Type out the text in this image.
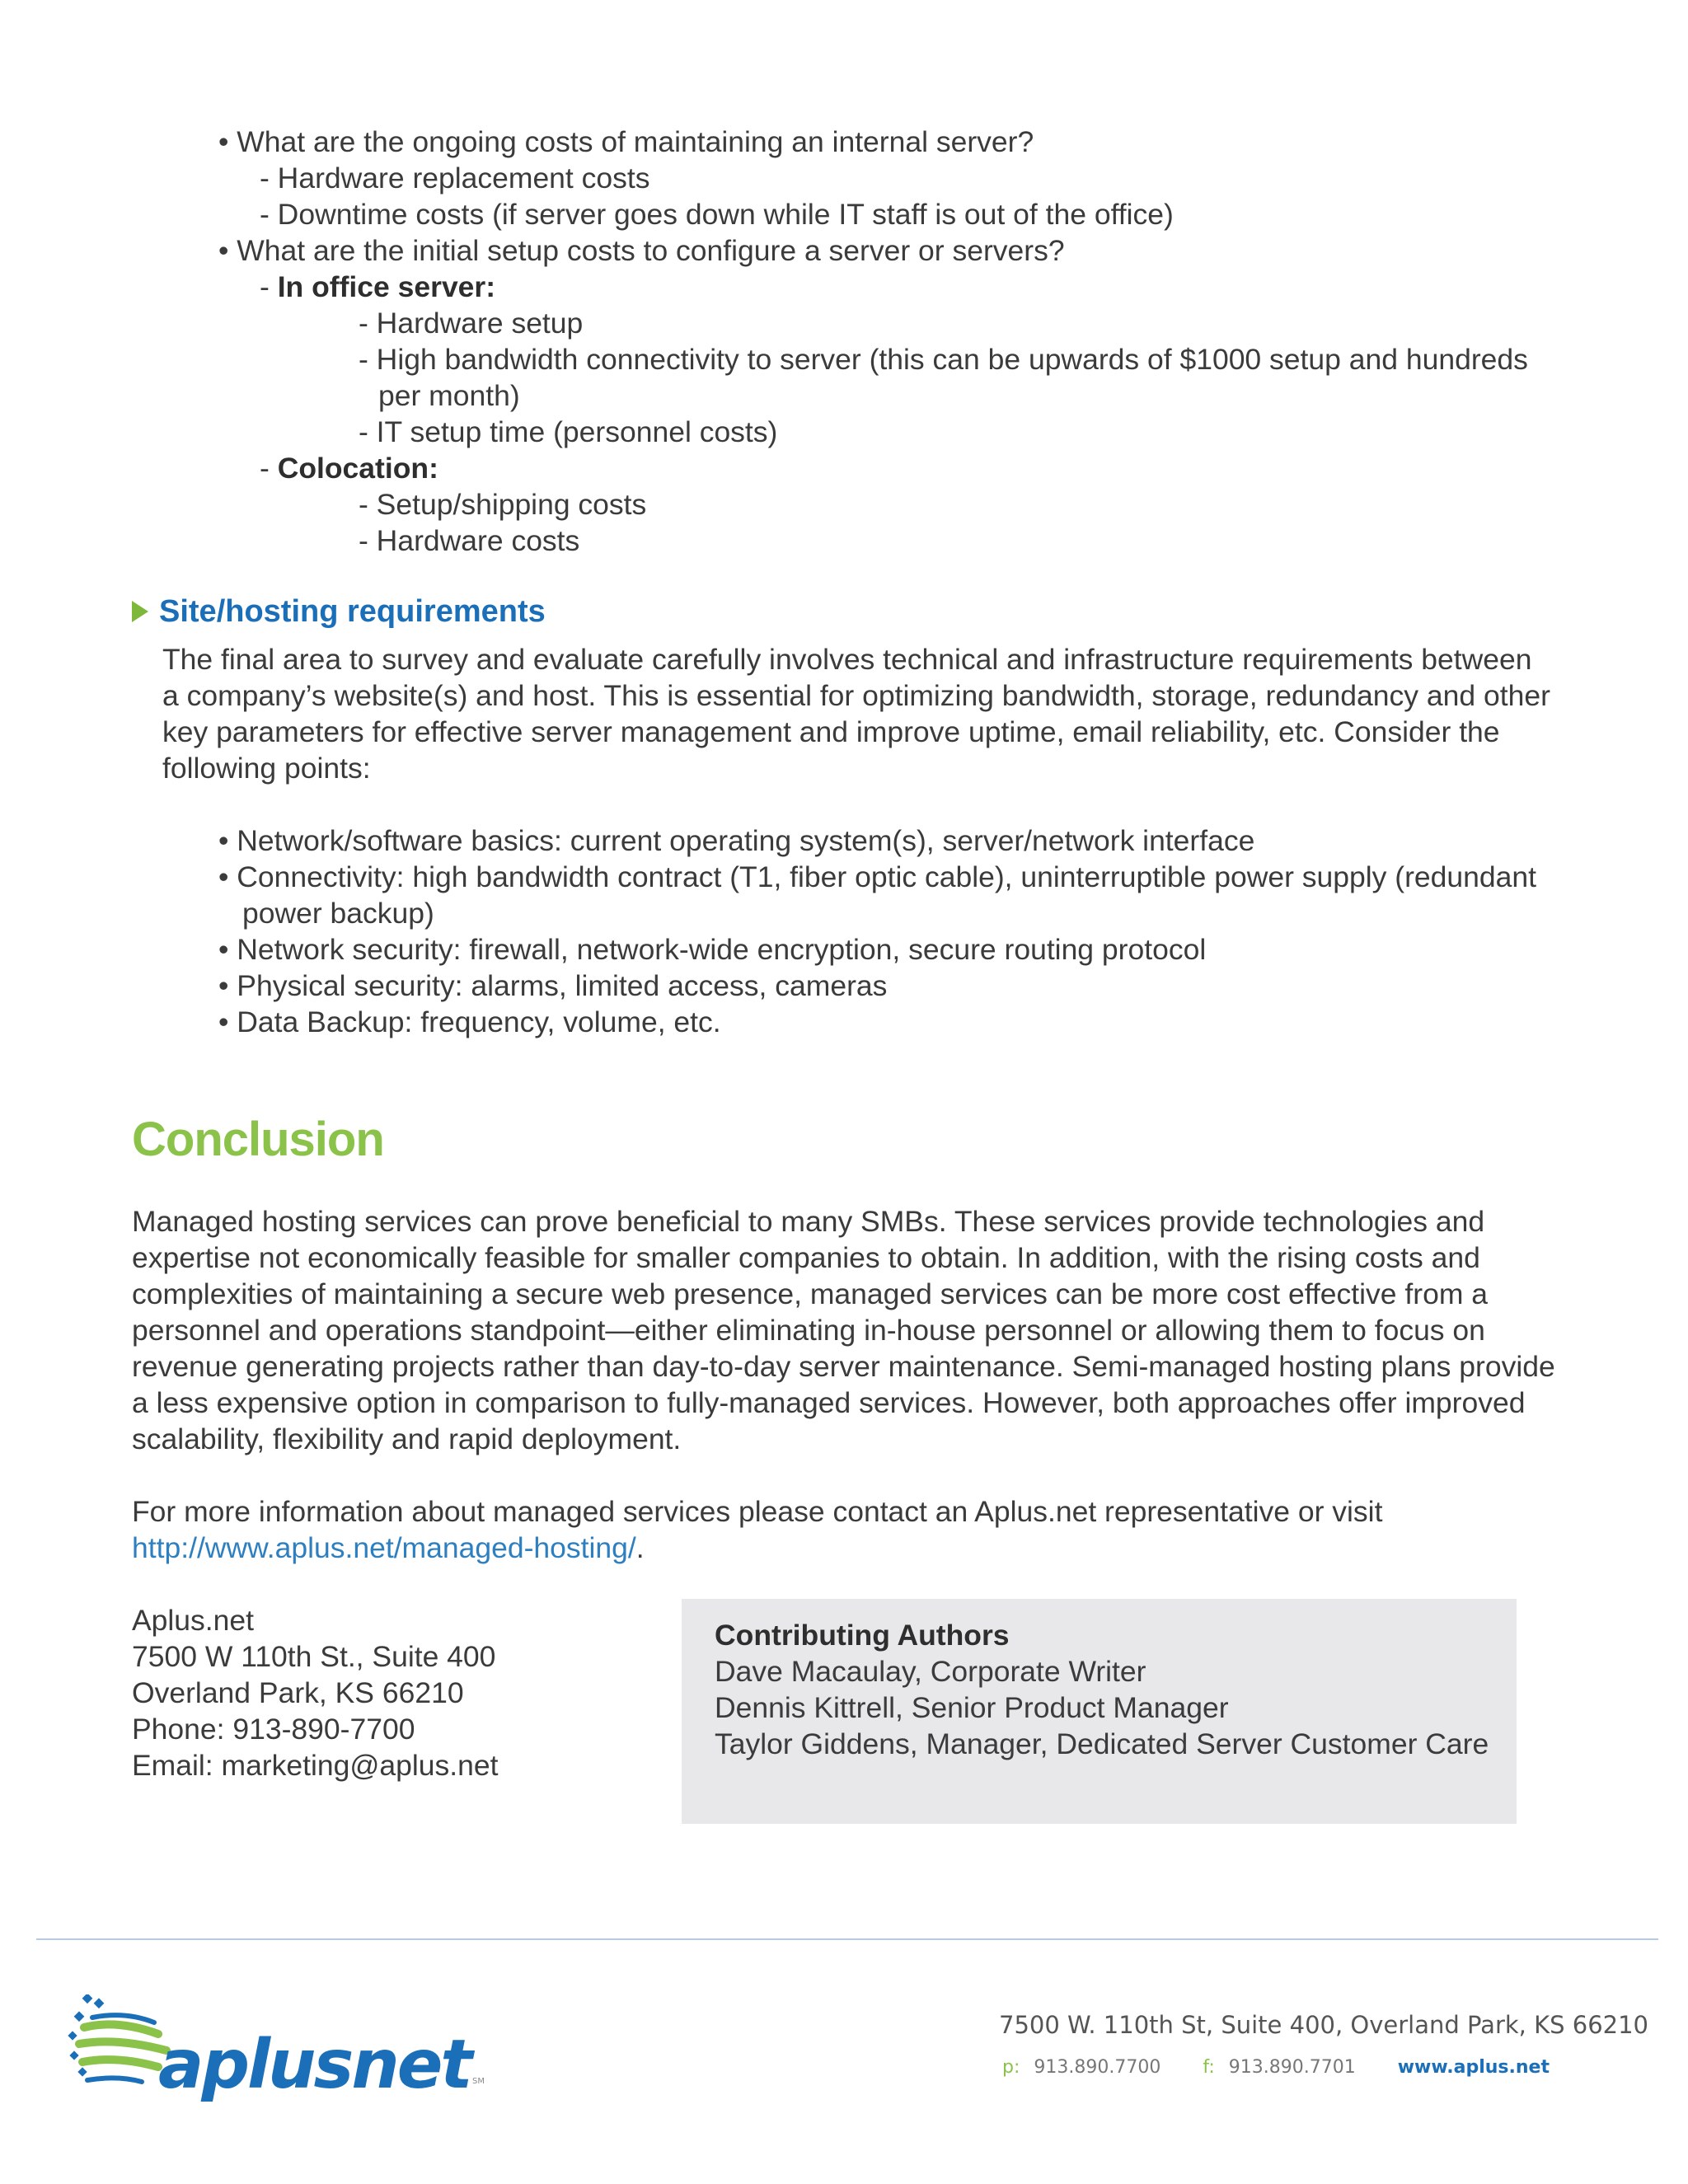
• What are the ongoing costs of maintaining an internal server?
- Hardware replacement costs
- Downtime costs (if server goes down while IT staff is out of the office)
• What are the initial setup costs to configure a server or servers?
- In office server:
- Hardware setup
- High bandwidth connectivity to server (this can be upwards of $1000 setup and hundreds
per month)
- IT setup time (personnel costs)
- Colocation:
- Setup/shipping costs
- Hardware costs
Site/hosting requirements
The final area to survey and evaluate carefully involves technical and infrastructure requirements between
a company’s website(s) and host. This is essential for optimizing bandwidth, storage, redundancy and other
key parameters for effective server management and improve uptime, email reliability, etc. Consider the
following points:
• Network/software basics: current operating system(s), server/network interface
• Connectivity: high bandwidth contract (T1, fiber optic cable), uninterruptible power supply (redundant
power backup)
• Network security: firewall, network-wide encryption, secure routing protocol
• Physical security: alarms, limited access, cameras
• Data Backup: frequency, volume, etc.
Conclusion
Managed hosting services can prove beneficial to many SMBs. These services provide technologies and
expertise not economically feasible for smaller companies to obtain. In addition, with the rising costs and
complexities of maintaining a secure web presence, managed services can be more cost effective from a
personnel and operations standpoint—either eliminating in-house personnel or allowing them to focus on
revenue generating projects rather than day-to-day server maintenance. Semi-managed hosting plans provide
a less expensive option in comparison to fully-managed services. However, both approaches offer improved
scalability, flexibility and rapid deployment.
For more information about managed services please contact an Aplus.net representative or visit
http://www.aplus.net/managed-hosting/.
Aplus.net
7500 W 110th St., Suite 400
Overland Park, KS 66210
Phone: 913-890-7700
Email: marketing@aplus.net
Contributing Authors
Dave Macaulay, Corporate Writer
Dennis Kittrell, Senior Product Manager
Taylor Giddens, Manager, Dedicated Server Customer Care
aplusnet SM
7500 W. 110th St, Suite 400, Overland Park, KS 66210
p: 913.890.7700 f: 913.890.7701 www.aplus.net
